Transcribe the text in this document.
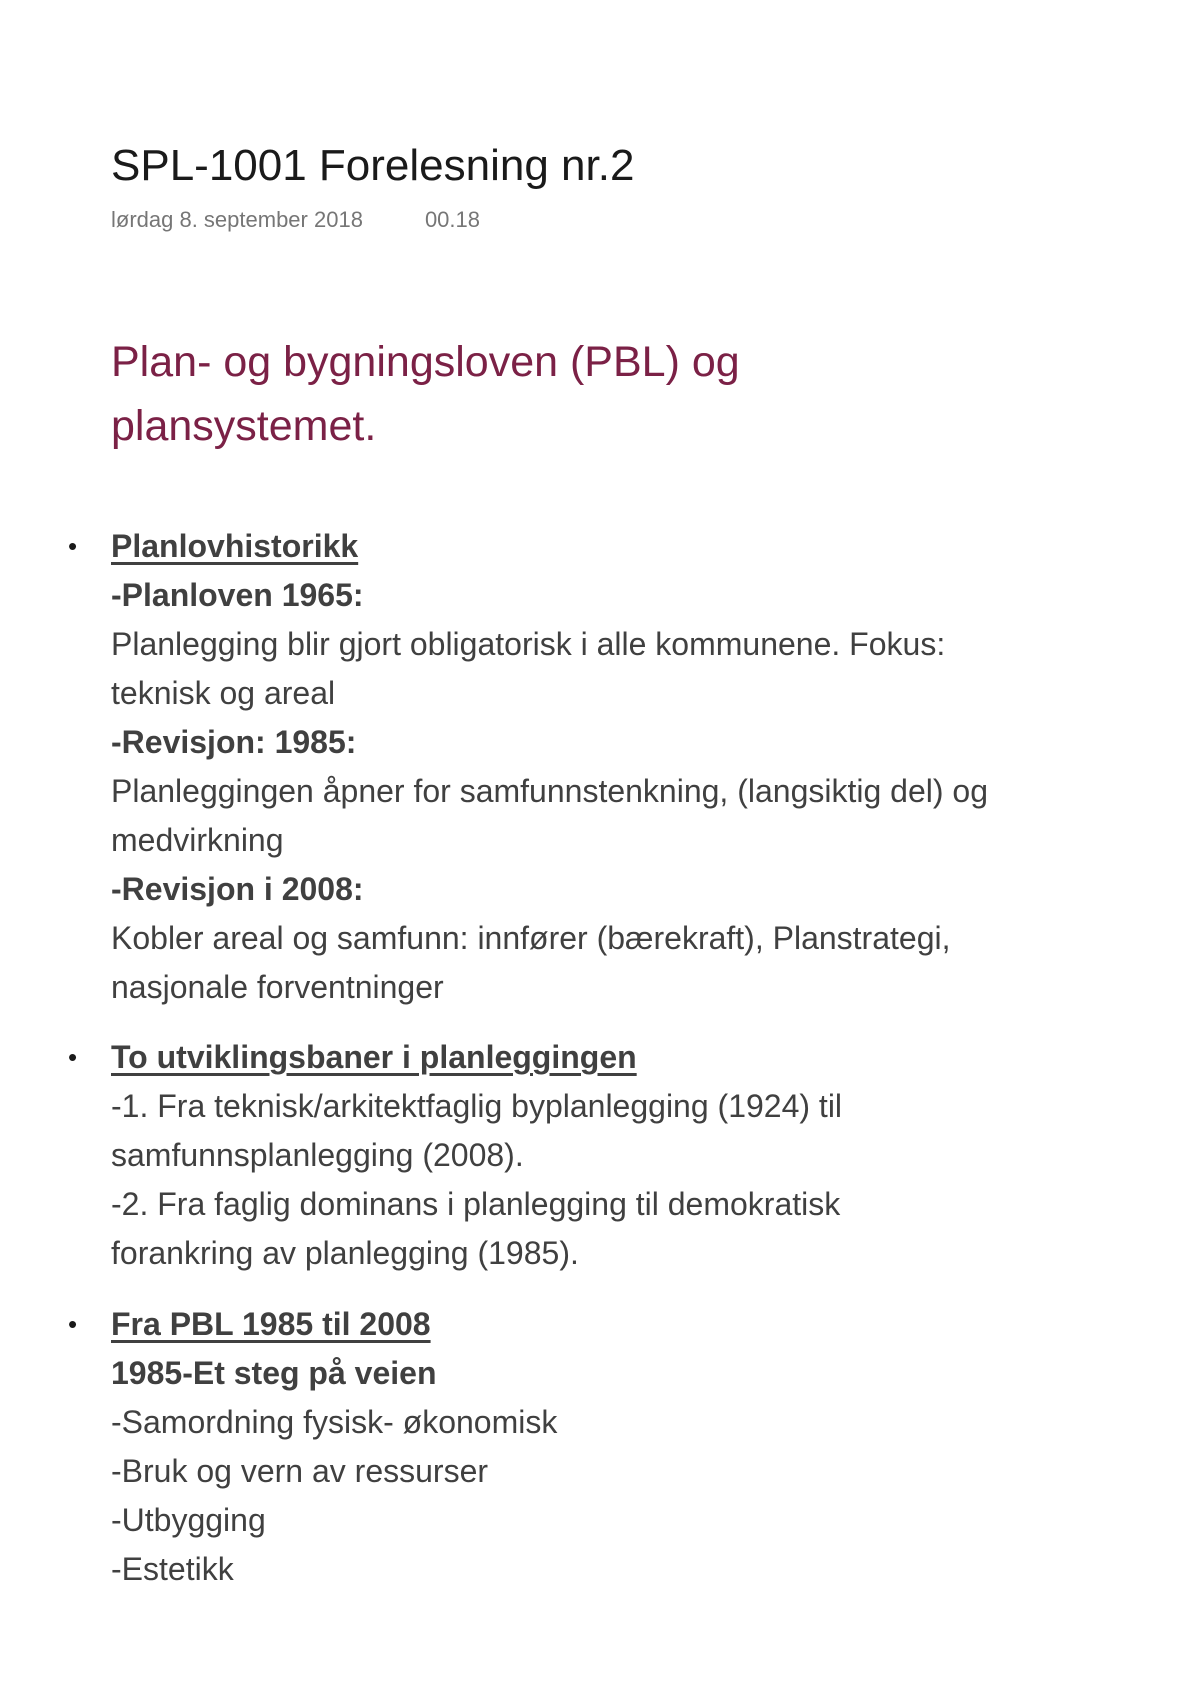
SPL-1001 Forelesning nr.2
lørdag 8. september 2018	00.18
Plan- og bygningsloven (PBL) og plansystemet.
• Planlovhistorikk
-Planloven 1965:
Planlegging blir gjort obligatorisk i alle kommunene. Fokus:
teknisk og areal
-Revisjon: 1985:
Planleggingen åpner for samfunnstenkning, (langsiktig del) og
medvirkning
-Revisjon i 2008:
Kobler areal og samfunn: innfører (bærekraft), Planstrategi,
nasjonale forventninger
• To utviklingsbaner i planleggingen
-1. Fra teknisk/arkitektfaglig byplanlegging (1924) til
samfunnsplanlegging (2008).
-2. Fra faglig dominans i planlegging til demokratisk
forankring av planlegging (1985).
• Fra PBL 1985 til 2008
1985-Et steg på veien
-Samordning fysisk- økonomisk
-Bruk og vern av ressurser
-Utbygging
-Estetikk
